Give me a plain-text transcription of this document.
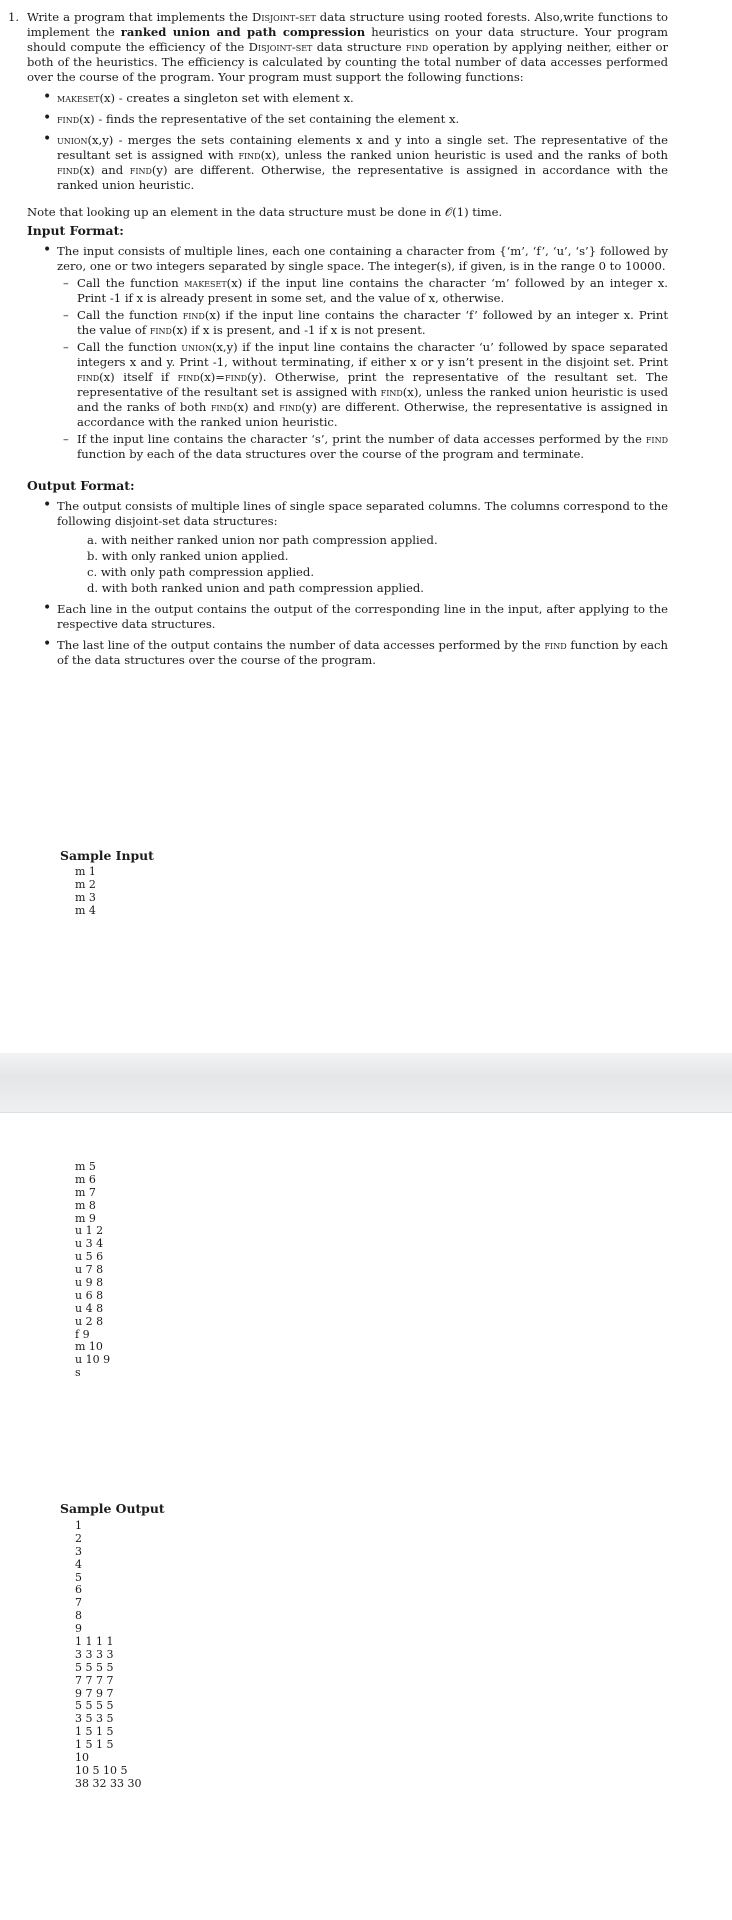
1. Write a program that implements the Disjoint-set data structure using rooted forests. Also,write functions to implement the ranked union and path compression heuristics on your data structure. Your program should compute the efficiency of the Disjoint-set data structure find operation by applying neither, either or both of the heuristics. The efficiency is calculated by counting the total number of data accesses performed over the course of the program. Your program must support the following functions:

• makeset(x) - creates a singleton set with element x.
• find(x) - finds the representative of the set containing the element x.
• union(x,y) - merges the sets containing elements x and y into a single set. The representative of the resultant set is assigned with find(x), unless the ranked union heuristic is used and the ranks of both find(x) and find(y) are different. Otherwise, the representative is assigned in accordance with the ranked union heuristic.

Note that looking up an element in the data structure must be done in 𝒪(1) time.

Input Format:
• The input consists of multiple lines, each one containing a character from {‘m’, ‘f’, ‘u’, ‘s’} followed by zero, one or two integers separated by single space. The integer(s), if given, is in the range 0 to 10000.
– Call the function makeset(x) if the input line contains the character ‘m’ followed by an integer x. Print -1 if x is already present in some set, and the value of x, otherwise.
– Call the function find(x) if the input line contains the character ‘f’ followed by an integer x. Print the value of find(x) if x is present, and -1 if x is not present.
– Call the function union(x,y) if the input line contains the character ‘u’ followed by space separated integers x and y. Print -1, without terminating, if either x or y isn’t present in the disjoint set. Print find(x) itself if find(x)=find(y). Otherwise, print the representative of the resultant set. The representative of the resultant set is assigned with find(x), unless the ranked union heuristic is used and the ranks of both find(x) and find(y) are different. Otherwise, the representative is assigned in accordance with the ranked union heuristic.
– If the input line contains the character ‘s’, print the number of data accesses performed by the find function by each of the data structures over the course of the program and terminate.
Output Format:
• The output consists of multiple lines of single space separated columns. The columns correspond to the following disjoint-set data structures:
a. with neither ranked union nor path compression applied.
b. with only ranked union applied.
c. with only path compression applied.
d. with both ranked union and path compression applied.
• Each line in the output contains the output of the corresponding line in the input, after applying to the respective data structures.
• The last line of the output contains the number of data accesses performed by the find function by each of the data structures over the course of the program.
Sample Input
m 1
m 2
m 3
m 4
m 5
m 6
m 7
m 8
m 9
u 1 2
u 3 4
u 5 6
u 7 8
u 9 8
u 6 8
u 4 8
u 2 8
f 9
m 10
u 10 9
s
Sample Output
1
2
3
4
5
6
7
8
9
1 1 1 1
3 3 3 3
5 5 5 5
7 7 7 7
9 7 9 7
5 5 5 5
3 5 3 5
1 5 1 5
1 5 1 5
10
10 5 10 5
38 32 33 30
